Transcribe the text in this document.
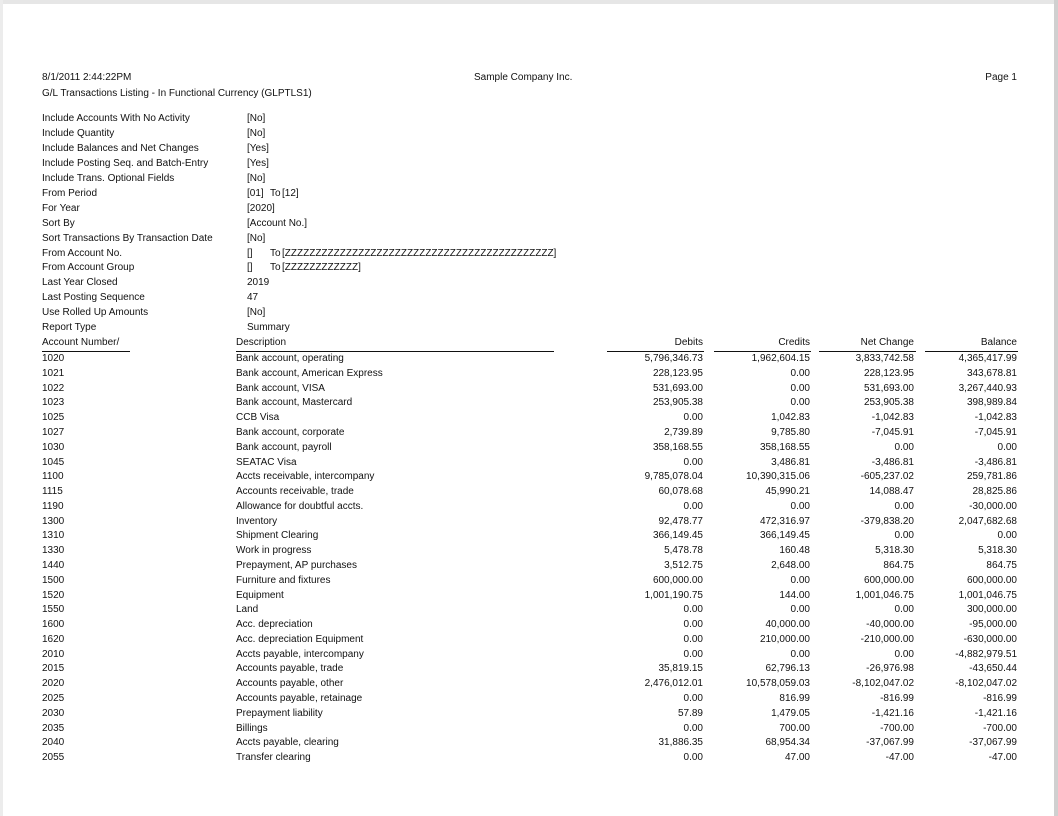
8/1/2011 2:44:22PM	Sample Company Inc.	Page 1
G/L Transactions Listing - In Functional Currency (GLPTLS1)
Include Accounts With No Activity	[No]
Include Quantity	[No]
Include Balances and Net Changes	[Yes]
Include Posting Seq. and Batch-Entry	[Yes]
Include Trans. Optional Fields	[No]
From Period	[01] To [12]
For Year	[2020]
Sort By	[Account No.]
Sort Transactions By Transaction Date	[No]
From Account No.	[] To [ZZZZZZZZZZZZZZZZZZZZZZZZZZZZZZZZZZZZZZZZZZZZ]
From Account Group	[] To [ZZZZZZZZZZZZ]
Last Year Closed	2019
Last Posting Sequence	47
Use Rolled Up Amounts	[No]
Report Type	Summary
Account Number/	Description	Debits	Credits	Net Change	Balance
1020	Bank account, operating	5,796,346.73	1,962,604.15	3,833,742.58	4,365,417.99
1021	Bank account, American Express	228,123.95	0.00	228,123.95	343,678.81
1022	Bank account, VISA	531,693.00	0.00	531,693.00	3,267,440.93
1023	Bank account, Mastercard	253,905.38	0.00	253,905.38	398,989.84
1025	CCB Visa	0.00	1,042.83	-1,042.83	-1,042.83
1027	Bank account, corporate	2,739.89	9,785.80	-7,045.91	-7,045.91
1030	Bank account, payroll	358,168.55	358,168.55	0.00	0.00
1045	SEATAC Visa	0.00	3,486.81	-3,486.81	-3,486.81
1100	Accts receivable, intercompany	9,785,078.04	10,390,315.06	-605,237.02	259,781.86
1115	Accounts receivable, trade	60,078.68	45,990.21	14,088.47	28,825.86
1190	Allowance for doubtful accts.	0.00	0.00	0.00	-30,000.00
1300	Inventory	92,478.77	472,316.97	-379,838.20	2,047,682.68
1310	Shipment Clearing	366,149.45	366,149.45	0.00	0.00
1330	Work in progress	5,478.78	160.48	5,318.30	5,318.30
1440	Prepayment, AP purchases	3,512.75	2,648.00	864.75	864.75
1500	Furniture and fixtures	600,000.00	0.00	600,000.00	600,000.00
1520	Equipment	1,001,190.75	144.00	1,001,046.75	1,001,046.75
1550	Land	0.00	0.00	0.00	300,000.00
1600	Acc. depreciation	0.00	40,000.00	-40,000.00	-95,000.00
1620	Acc. depreciation Equipment	0.00	210,000.00	-210,000.00	-630,000.00
2010	Accts payable, intercompany	0.00	0.00	0.00	-4,882,979.51
2015	Accounts payable, trade	35,819.15	62,796.13	-26,976.98	-43,650.44
2020	Accounts payable, other	2,476,012.01	10,578,059.03	-8,102,047.02	-8,102,047.02
2025	Accounts payable, retainage	0.00	816.99	-816.99	-816.99
2030	Prepayment liability	57.89	1,479.05	-1,421.16	-1,421.16
2035	Billings	0.00	700.00	-700.00	-700.00
2040	Accts payable, clearing	31,886.35	68,954.34	-37,067.99	-37,067.99
2055	Transfer clearing	0.00	47.00	-47.00	-47.00
